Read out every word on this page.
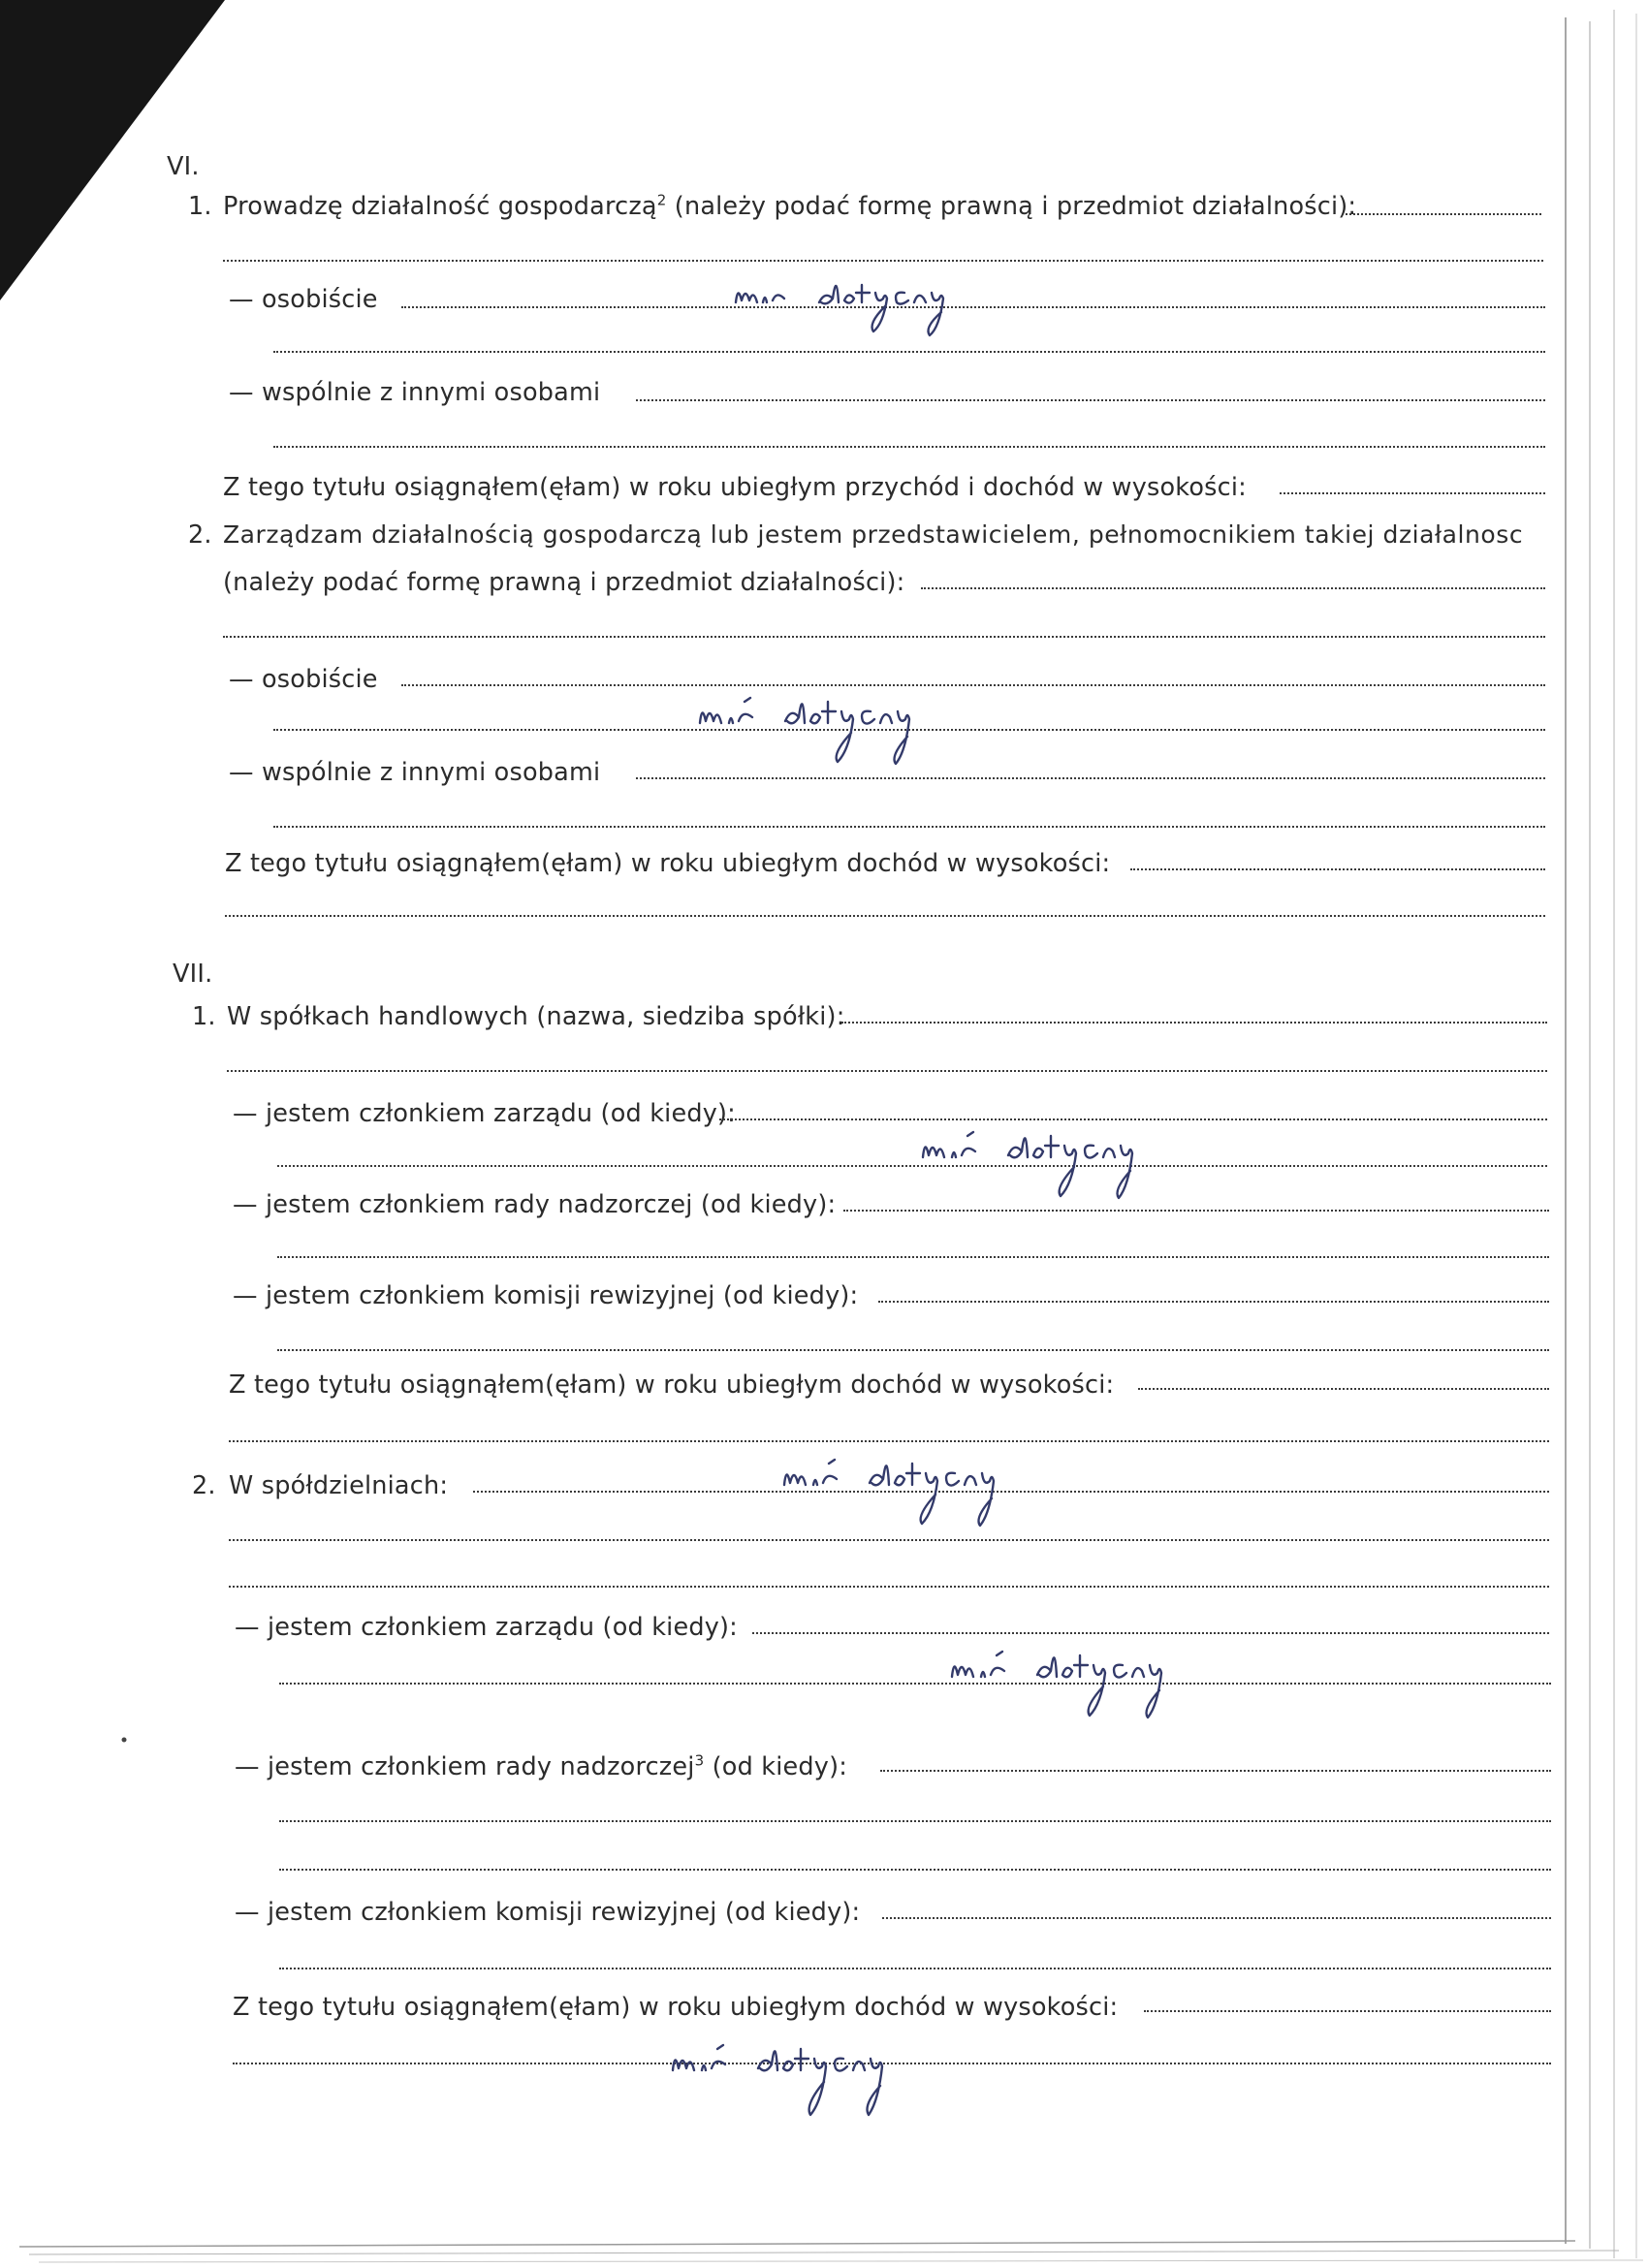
VI.
1. Prowadzę działalność gospodarczą$^2$ (należy podać formę prawną i przedmiot działalności):
— osobiście
— wspólnie z innymi osobami
Z tego tytułu osiągnąłem(ęłam) w roku ubiegłym przychód i dochód w wysokości:
2. Zarządzam działalnością gospodarczą lub jestem przedstawicielem, pełnomocnikiem takiej działalnosc
(należy podać formę prawną i przedmiot działalności):
— osobiście
— wspólnie z innymi osobami
Z tego tytułu osiągnąłem(ęłam) w roku ubiegłym dochód w wysokości:
VII.
1. W spółkach handlowych (nazwa, siedziba spółki):
— jestem członkiem zarządu (od kiedy):
— jestem członkiem rady nadzorczej (od kiedy):
— jestem członkiem komisji rewizyjnej (od kiedy):
Z tego tytułu osiągnąłem(ęłam) w roku ubiegłym dochód w wysokości:
2. W spółdzielniach:
— jestem członkiem zarządu (od kiedy):
— jestem członkiem rady nadzorczej$^3$ (od kiedy):
— jestem członkiem komisji rewizyjnej (od kiedy):
Z tego tytułu osiągnąłem(ęłam) w roku ubiegłym dochód w wysokości:
